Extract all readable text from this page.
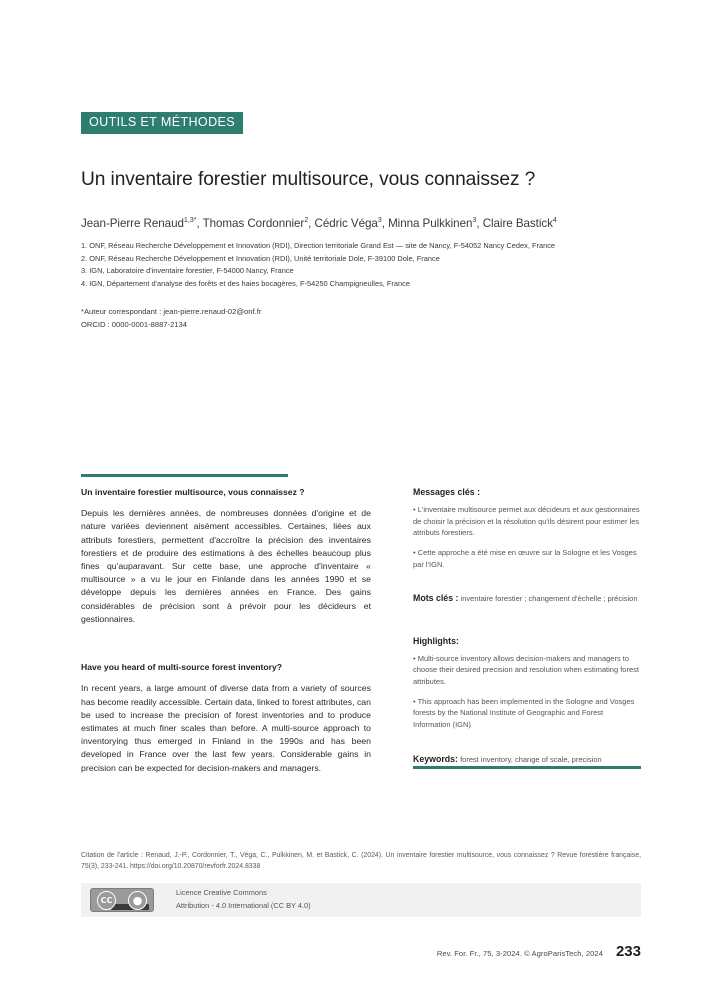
OUTILS ET MÉTHODES
Un inventaire forestier multisource, vous connaissez ?
Jean-Pierre Renaud$^{1,3*}$, Thomas Cordonnier$^2$, Cédric Véga$^3$, Minna Pulkkinen$^3$, Claire Bastick$^4$
1. ONF, Réseau Recherche Développement et Innovation (RDI), Direction territoriale Grand Est — site de Nancy, F-54052 Nancy Cedex, France
2. ONF, Réseau Recherche Développement et Innovation (RDI), Unité territoriale Dole, F-39100 Dole, France
3. IGN, Laboratoire d'inventaire forestier, F-54000 Nancy, France
4. IGN, Département d'analyse des forêts et des haies bocagères, F-54250 Champigneulles, France
*Auteur correspondant : jean-pierre.renaud-02@onf.fr
ORCID : 0000-0001-8887-2134

Un inventaire forestier multisource, vous connaissez ?

Depuis les dernières années, de nombreuses données d'origine et de nature variées deviennent aisément accessibles. Certaines, liées aux attributs forestiers, permettent d'accroître la précision des inventaires forestiers et de produire des estimations à des échelles beaucoup plus fines qu'auparavant. Sur cette base, une approche d'inventaire « multisource » a vu le jour en Finlande dans les années 1990 et se développe depuis les dernières années en France. Des gains considérables de précision sont à prévoir pour les décideurs et gestionnaires.

Have you heard of multi-source forest inventory?

In recent years, a large amount of diverse data from a variety of sources has become readily accessible. Certain data, linked to forest attributes, can be used to increase the precision of forest inventories and to produce estimates at much finer scales than before. A multi-source approach to inventorying thus emerged in Finland in the 1990s and has been developed in France over the last few years. Considerable gains in precision can be expected for decision-makers and managers.

Messages clés :

• L'inventaire multisource permet aux décideurs et aux gestionnaires de choisir la précision et la résolution qu'ils désirent pour estimer les attributs forestiers.

• Cette approche a été mise en œuvre sur la Sologne et les Vosges par l'IGN.

Mots clés : inventaire forestier ; changement d'échelle ; précision

Highlights:

• Multi-source inventory allows decision-makers and managers to choose their desired precision and resolution when estimating forest attributes.

• This approach has been implemented in the Sologne and Vosges forests by the National Institute of Geographic and Forest Information (IGN)

Keywords: forest inventory, change of scale, precision

Citation de l'article : Renaud, J.-P., Cordonnier, T., Véga, C., Pulkkinen, M. et Bastick, C. (2024). Un inventaire forestier multisource, vous connaissez ? Revue forestière française, 75(3), 233-241. https://doi.org/10.20870/revforfr.2024.8338
CC	●
Licence Creative Commons
Attribution - 4.0 International (CC BY 4.0)
Rev. For. Fr., 75, 3-2024. © AgroParisTech, 2024 233
